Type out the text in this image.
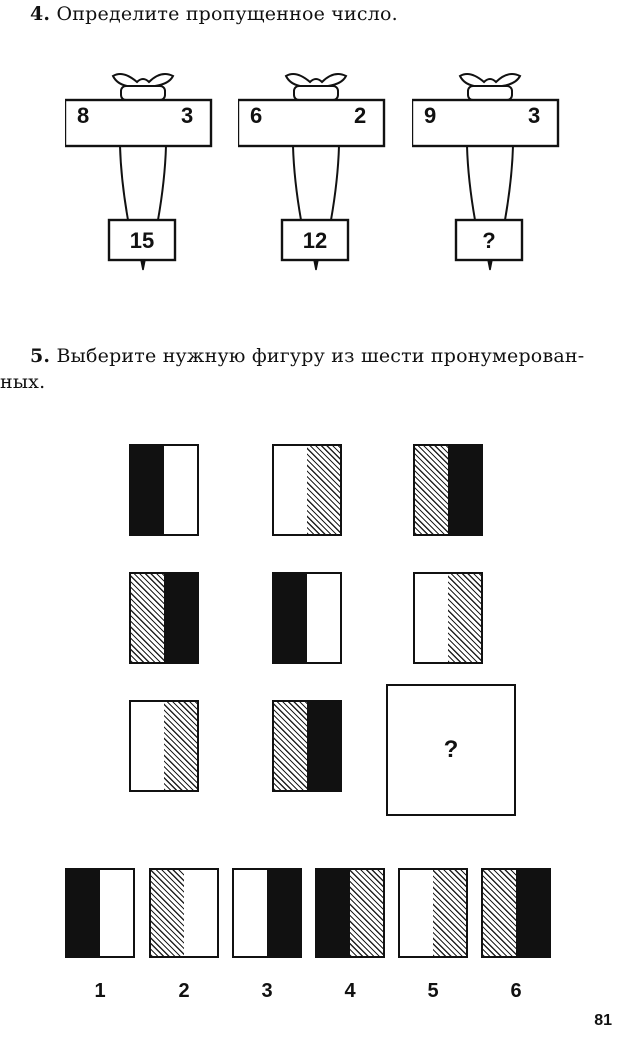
4. Определите пропущенное число.
8	3
15
6	2
12
9	3
?
5. Выберите нужную фигуру из шести пронумерован-
ных.
?
1	2	3	4	5	6
81
